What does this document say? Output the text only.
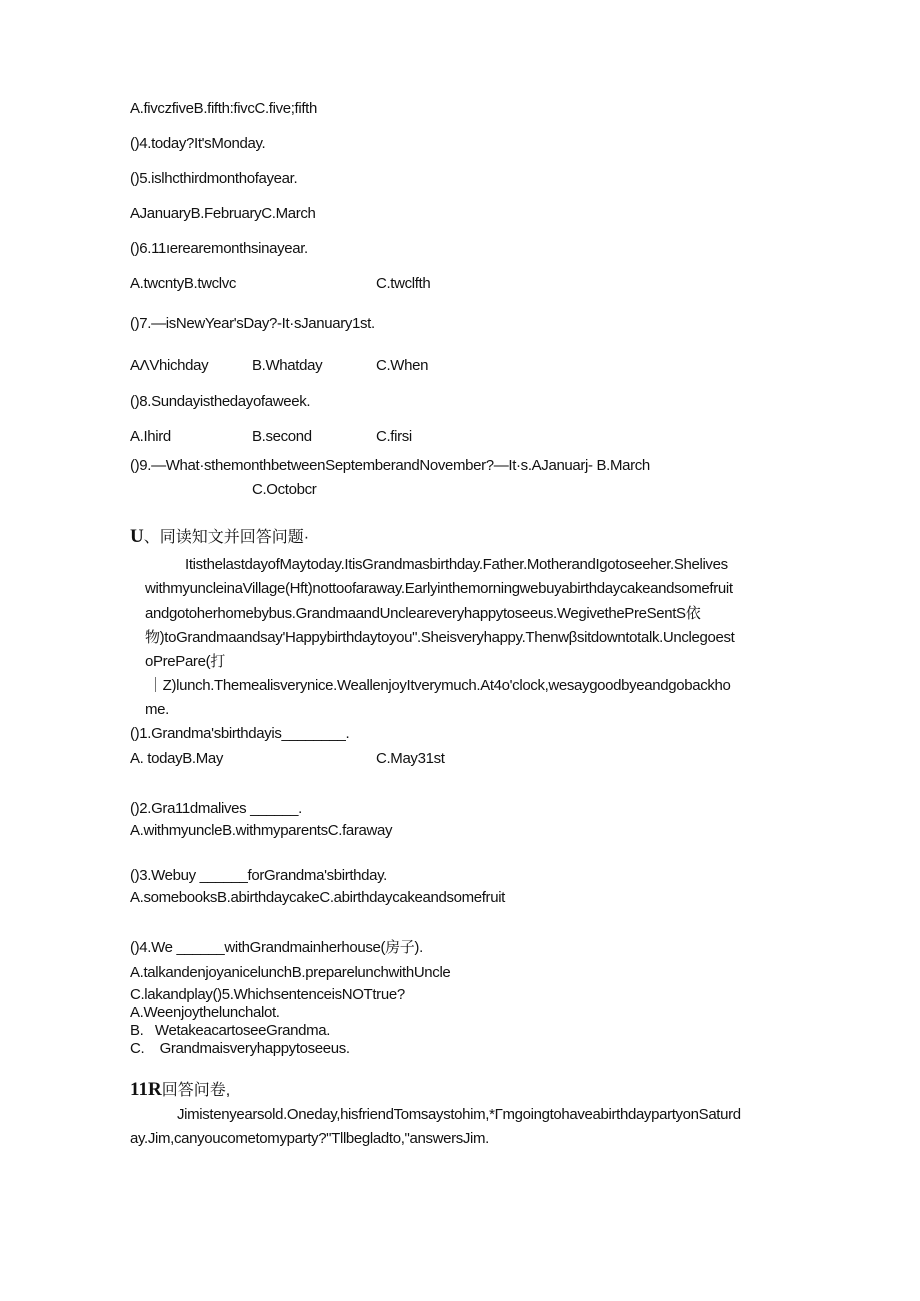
A.fivczfiveB.fifth:fivcC.five;fifth
()4.today?It'sMonday.
()5.islhcthirdmonthofayear.
AJanuaryB.FebruaryC.March
()6.11ıereare​monthsinayear.
A.twcntyB.twclvc	C.twclfth
()7.—isNewYear'sDay?-It·sJanuary1st.
AΛVhichday	B.Whatday	C.When
()8.Sundayisthedayofaweek.
A.Ihird	B.second	C.firsi
()9.—What·sthemonthbetweenSeptemberandNovember?—It·s.AJanuarj- B.March
C.Octobcr
U、同读知文并回答问题·
ItisthelastdayofMaytoday.ItisGrandmasbirthday.Father.MotherandIgotoseeher.Shelives
withmyuncleinaVillage(Hft)nottoofaraway.Earlyinthemorningwebuyabirthdaycakeandsomefruit
andgotoherhomebybus.GrandmaandUncleareveryhappytoseeus.WegivethePreSentS依
物)toGrandmaandsay'Happybirthdaytoyou".Sheisveryhappy.Thenwβsitdowntotalk.Unclegoest
oPrePare(打
｜Z)lunch.Themealisverynice.WeallenjoyItverymuch.At4o'clock,wesaygoodbyeandgobackho
me.
()1.Grandma'sbirthdayis________.
A. todayB.May	C.May31st
()2.Gra11dmalives ______.
A.withmyuncleB.withmyparentsC.faraway
()3.Webuy ______forGrandma'sbirthday.
A.somebooksB.abirthdaycakeC.abirthdaycakeandsomefruit
()4.We ______withGrandmainherhouse(房子).
A.talkandenjoyanicelunchB.preparelunchwithUncle
C.lakandplay()5.WhichsentenceisNOTtrue?
A.Weenjoythelunchalot.
B.   WetakeacartoseeGrandma.
C.    Grandmaisveryhappytoseeus.
11R回答问卷,
Jimistenyearsold.Oneday,hisfriendTomsaystohim,*Γmgoingtohaveabirthdaypartyon​Saturd
ay.Jim,canyoucometomyparty?"Tllbegladto,"answersJim.
